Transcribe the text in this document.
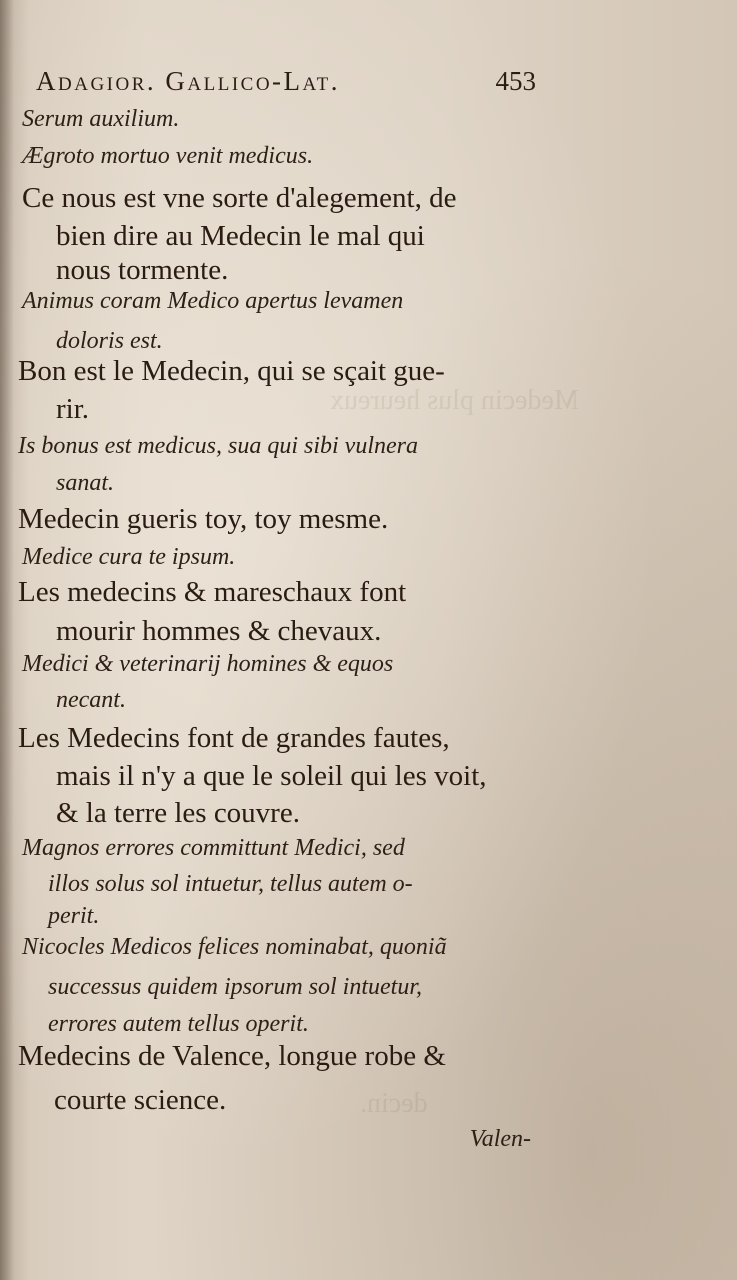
Medecin plus heureux
decin.
Adagior. Gallico-Lat.	453
Serum auxilium.
Ægroto mortuo venit medicus.
Ce nous est vne sorte d'alegement, de
bien dire au Medecin le mal qui
nous tormente.
Animus coram Medico apertus levamen
doloris est.
Bon est le Medecin, qui se sçait gue-
rir.
Is bonus est medicus, sua qui sibi vulnera
sanat.
Medecin gueris toy, toy mesme.
Medice cura te ipsum.
Les medecins & mareschaux font
mourir hommes & chevaux.
Medici & veterinarij homines & equos
necant.
Les Medecins font de grandes fautes,
mais il n'y a que le soleil qui les voit,
& la terre les couvre.
Magnos errores committunt Medici, sed
illos solus sol intuetur, tellus autem o-
perit.
Nicocles Medicos felices nominabat, quoniã
successus quidem ipsorum sol intuetur,
errores autem tellus operit.
Medecins de Valence, longue robe &
courte science.
Valen-
